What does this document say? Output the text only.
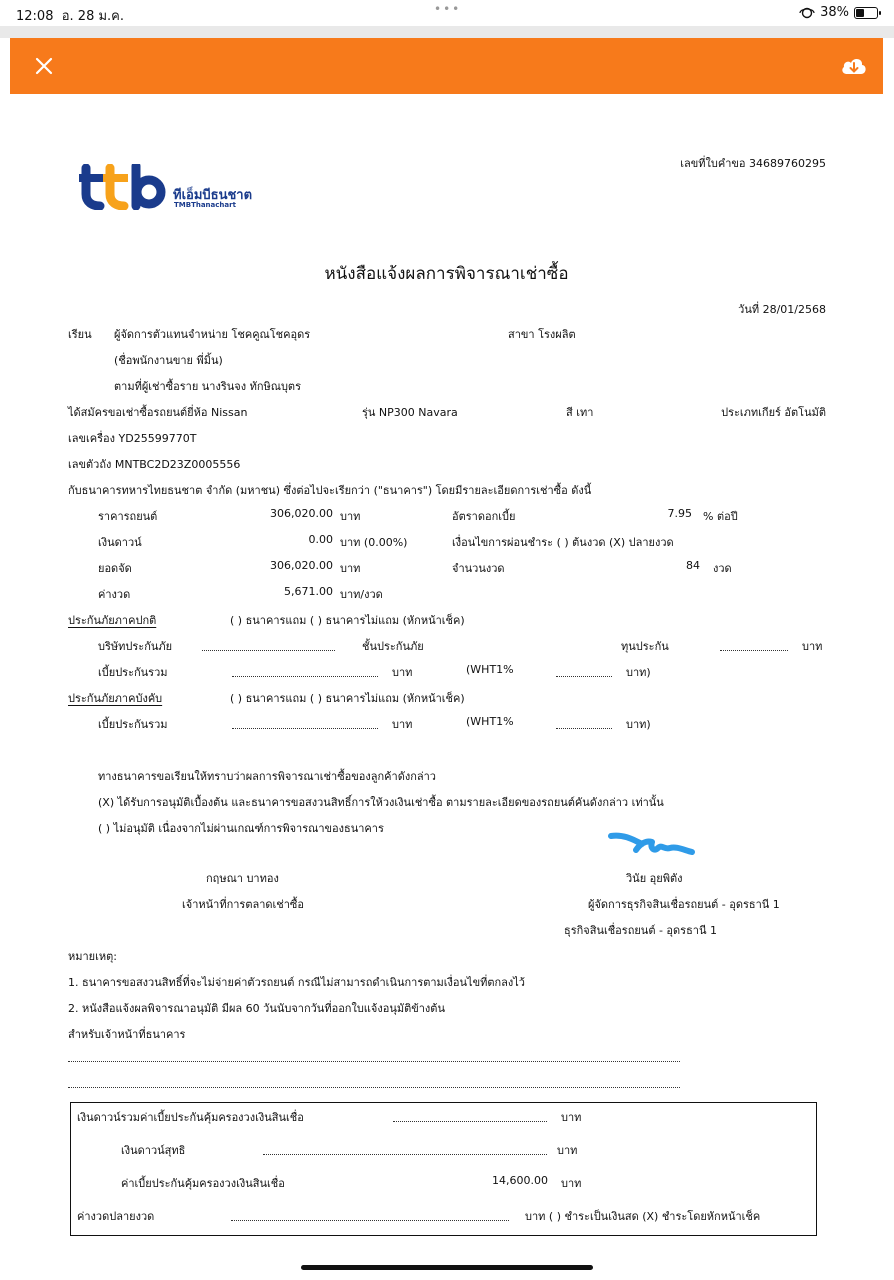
12:08 อ. 28 ม.ค.	•••	38%
ทีเอ็มบีธนชาต
TMBThanachart
เลขที่ใบคำขอ 34689760295
หนังสือแจ้งผลการพิจารณาเช่าซื้อ
วันที่ 28/01/2568
เรียน ผู้จัดการตัวแทนจำหน่าย โชคคูณโชคอุดร	สาขา โรงผลิต
(ชื่อพนักงานขาย พี่มิ้น)
ตามที่ผู้เช่าซื้อราย นางรินจง ทักษิณบุตร
ได้สมัครขอเช่าซื้อรถยนต์ยี่ห้อ Nissan	รุ่น NP300 Navara	สี เทา	ประเภทเกียร์ อัตโนมัติ
เลขเครื่อง YD25599770T
เลขตัวถัง MNTBC2D23Z0005556
กับธนาคารทหารไทยธนชาต จำกัด (มหาชน) ซึ่งต่อไปจะเรียกว่า ("ธนาคาร") โดยมีรายละเอียดการเช่าซื้อ ดังนี้
ราคารถยนต์	306,020.00 บาท	อัตราดอกเบี้ย	7.95 % ต่อปี
เงินดาวน์	0.00 บาท (0.00%)	เงื่อนไขการผ่อนชำระ ( ) ต้นงวด (X) ปลายงวด
ยอดจัด	306,020.00 บาท	จำนวนงวด	84 งวด
ค่างวด	5,671.00 บาท/งวด
ประกันภัยภาคปกติ	( ) ธนาคารแถม ( ) ธนาคารไม่แถม (หักหน้าเช็ค)
บริษัทประกันภัย	ชั้นประกันภัย	ทุนประกัน	บาท
เบี้ยประกันรวม	บาท	(WHT1%	บาท)
ประกันภัยภาคบังคับ	( ) ธนาคารแถม ( ) ธนาคารไม่แถม (หักหน้าเช็ค)
เบี้ยประกันรวม	บาท	(WHT1%	บาท)
ทางธนาคารขอเรียนให้ทราบว่าผลการพิจารณาเช่าซื้อของลูกค้าดังกล่าว
(X) ได้รับการอนุมัติเบื้องต้น และธนาคารขอสงวนสิทธิ์การให้วงเงินเช่าซื้อ ตามรายละเอียดของรถยนต์คันดังกล่าว เท่านั้น
( ) ไม่อนุมัติ เนื่องจากไม่ผ่านเกณฑ์การพิจารณาของธนาคาร
กฤษณา บาทอง
เจ้าหน้าที่การตลาดเช่าซื้อ
วินัย อุยพิตัง
ผู้จัดการธุรกิจสินเชื่อรถยนต์ - อุดรธานี 1
ธุรกิจสินเชื่อรถยนต์ - อุดรธานี 1
หมายเหตุ:
1. ธนาคารขอสงวนสิทธิ์ที่จะไม่จ่ายค่าตัวรถยนต์ กรณีไม่สามารถดำเนินการตามเงื่อนไขที่ตกลงไว้
2. หนังสือแจ้งผลพิจารณาอนุมัติ มีผล 60 วันนับจากวันที่ออกใบแจ้งอนุมัติข้างต้น
สำหรับเจ้าหน้าที่ธนาคาร
เงินดาวน์รวมค่าเบี้ยประกันคุ้มครองวงเงินสินเชื่อ	บาท
เงินดาวน์สุทธิ	บาท
ค่าเบี้ยประกันคุ้มครองวงเงินสินเชื่อ	14,600.00 บาท
ค่างวดปลายงวด	บาท ( ) ชำระเป็นเงินสด (X) ชำระโดยหักหน้าเช็ค
